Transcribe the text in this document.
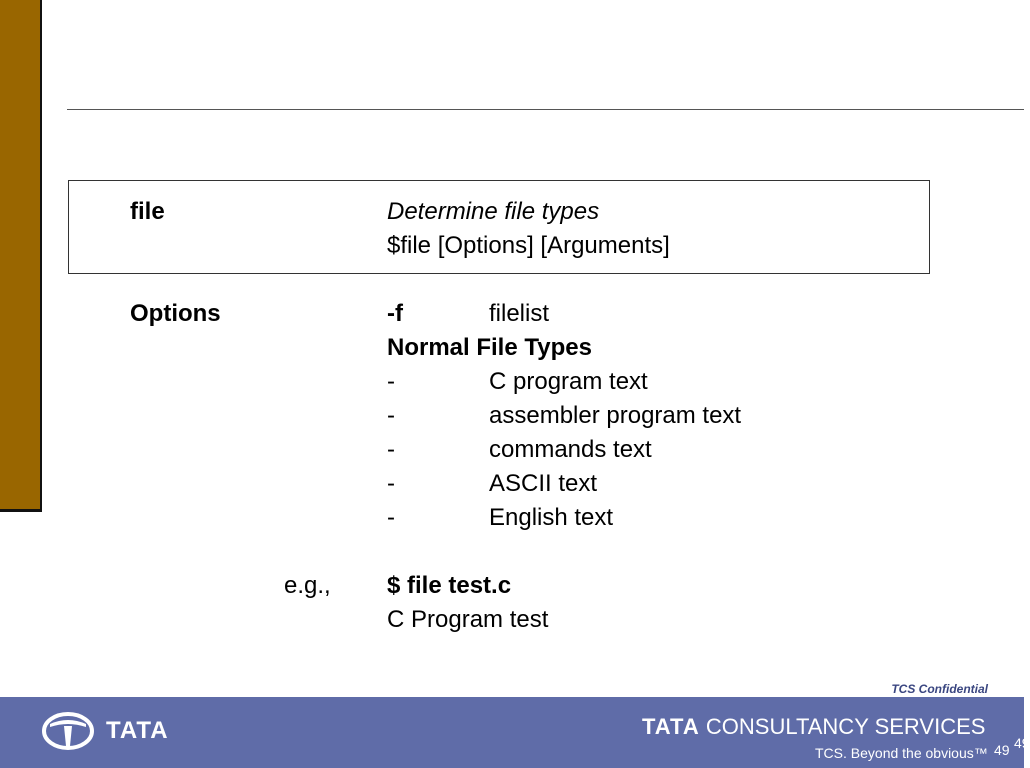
file	Determine file types
$file [Options] [Arguments]
Options	-f	filelist
Normal File Types
-	C program text
-	assembler program text
-	commands text
-	ASCII text
-	English text
e.g., $ file test.c
C Program test
TCS Confidential
TATA	TATA CONSULTANCY SERVICES
TCS. Beyond the obvious™ 49 49
